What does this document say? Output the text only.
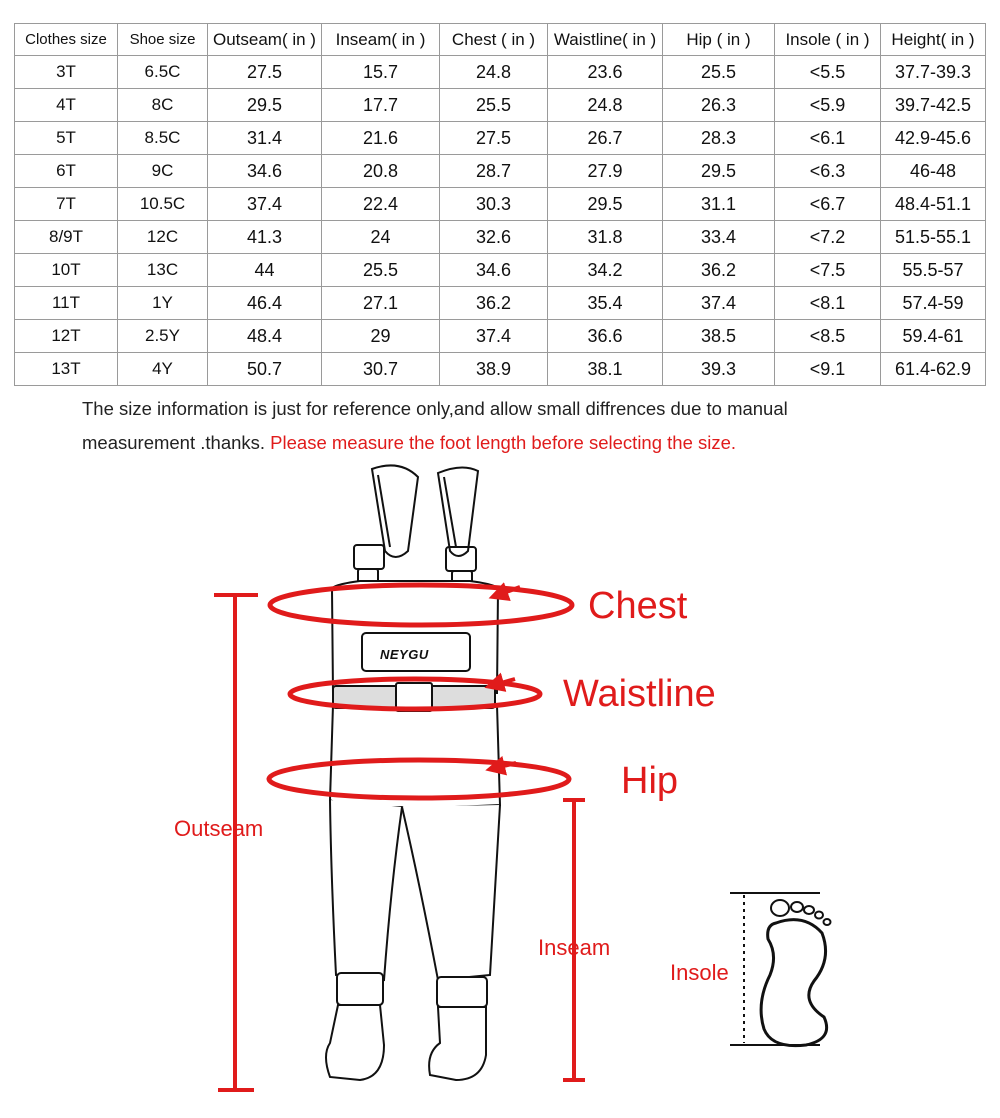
Clothes size	Shoe size	Outseam( in )	Inseam( in )	Chest ( in )	Waistline( in )	Hip ( in )	Insole ( in )	Height( in )
3T	6.5C	27.5	15.7	24.8	23.6	25.5	<5.5	37.7-39.3
4T	8C	29.5	17.7	25.5	24.8	26.3	<5.9	39.7-42.5
5T	8.5C	31.4	21.6	27.5	26.7	28.3	<6.1	42.9-45.6
6T	9C	34.6	20.8	28.7	27.9	29.5	<6.3	46-48
7T	10.5C	37.4	22.4	30.3	29.5	31.1	<6.7	48.4-51.1
8/9T	12C	41.3	24	32.6	31.8	33.4	<7.2	51.5-55.1
10T	13C	44	25.5	34.6	34.2	36.2	<7.5	55.5-57
11T	1Y	46.4	27.1	36.2	35.4	37.4	<8.1	57.4-59
12T	2.5Y	48.4	29	37.4	36.6	38.5	<8.5	59.4-61
13T	4Y	50.7	30.7	38.9	38.1	39.3	<9.1	61.4-62.9
The size information is just for reference only,and allow small diffrences due to manual
measurement .thanks. Please measure the foot length before selecting the size.
NEYGU
Chest
Waistline
Hip
Outseam
Inseam
Insole
